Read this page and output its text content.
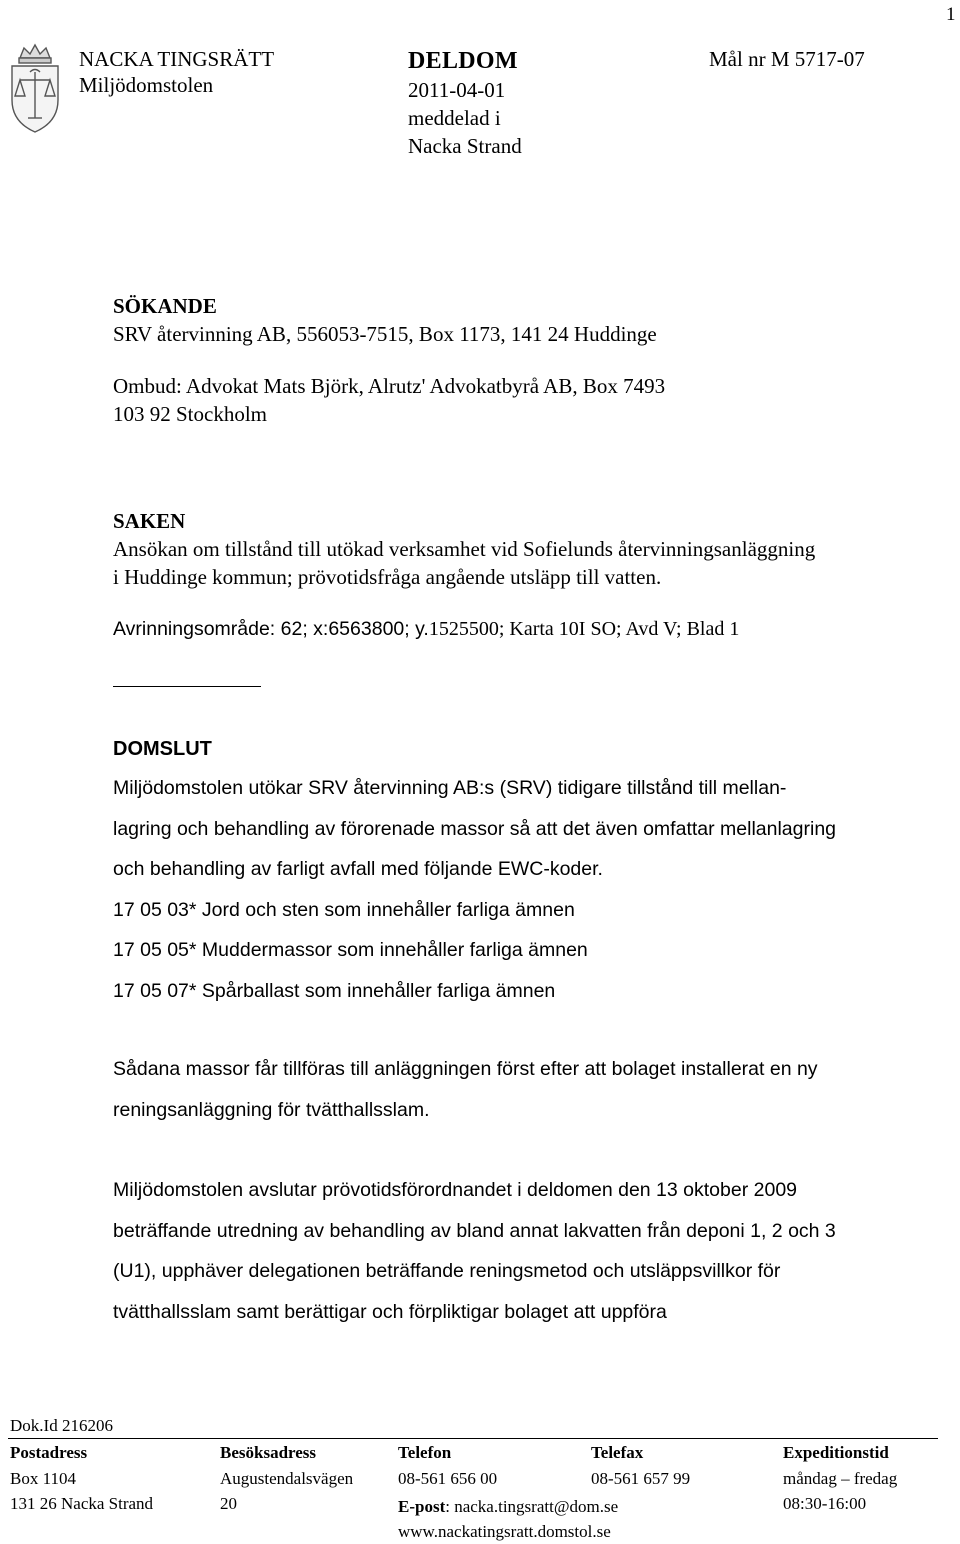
1
NACKA TINGSRÄTT
Miljödomstolen
DELDOM
2011-04-01
meddelad i
Nacka Strand
Mål nr M 5717-07
SÖKANDE
SRV återvinning AB, 556053-7515, Box 1173, 141 24 Huddinge
Ombud: Advokat Mats Björk, Alrutz' Advokatbyrå AB, Box 7493
103 92 Stockholm
SAKEN
Ansökan om tillstånd till utökad verksamhet vid Sofielunds återvinningsanläggning
i Huddinge kommun; prövotidsfråga angående utsläpp till vatten.
Avrinningsområde: 62; x:6563800; y.1525500; Karta 10I SO; Avd V; Blad 1
DOMSLUT
Miljödomstolen utökar SRV återvinning AB:s (SRV) tidigare tillstånd till mellan-
lagring och behandling av förorenade massor så att det även omfattar mellanlagring
och behandling av farligt avfall med följande EWC-koder.
17 05 03* Jord och sten som innehåller farliga ämnen
17 05 05* Muddermassor som innehåller farliga ämnen
17 05 07* Spårballast som innehåller farliga ämnen
Sådana massor får tillföras till anläggningen först efter att bolaget installerat en ny
reningsanläggning för tvätthallsslam.
Miljödomstolen avslutar prövotidsförordnandet i deldomen den 13 oktober 2009
beträffande utredning av behandling av bland annat lakvatten från deponi 1, 2 och 3
(U1), upphäver delegationen beträffande reningsmetod och utsläppsvillkor för
tvätthallsslam samt berättigar och förpliktigar bolaget att uppföra
Dok.Id 216206
Postadress
Box 1104
131 26 Nacka Strand
Besöksadress
Augustendalsvägen
20
Telefon
08-561 656 00
E-post: nacka.tingsratt@dom.se
www.nackatingsratt.domstol.se
Telefax
08-561 657 99
Expeditionstid
måndag – fredag
08:30-16:00
